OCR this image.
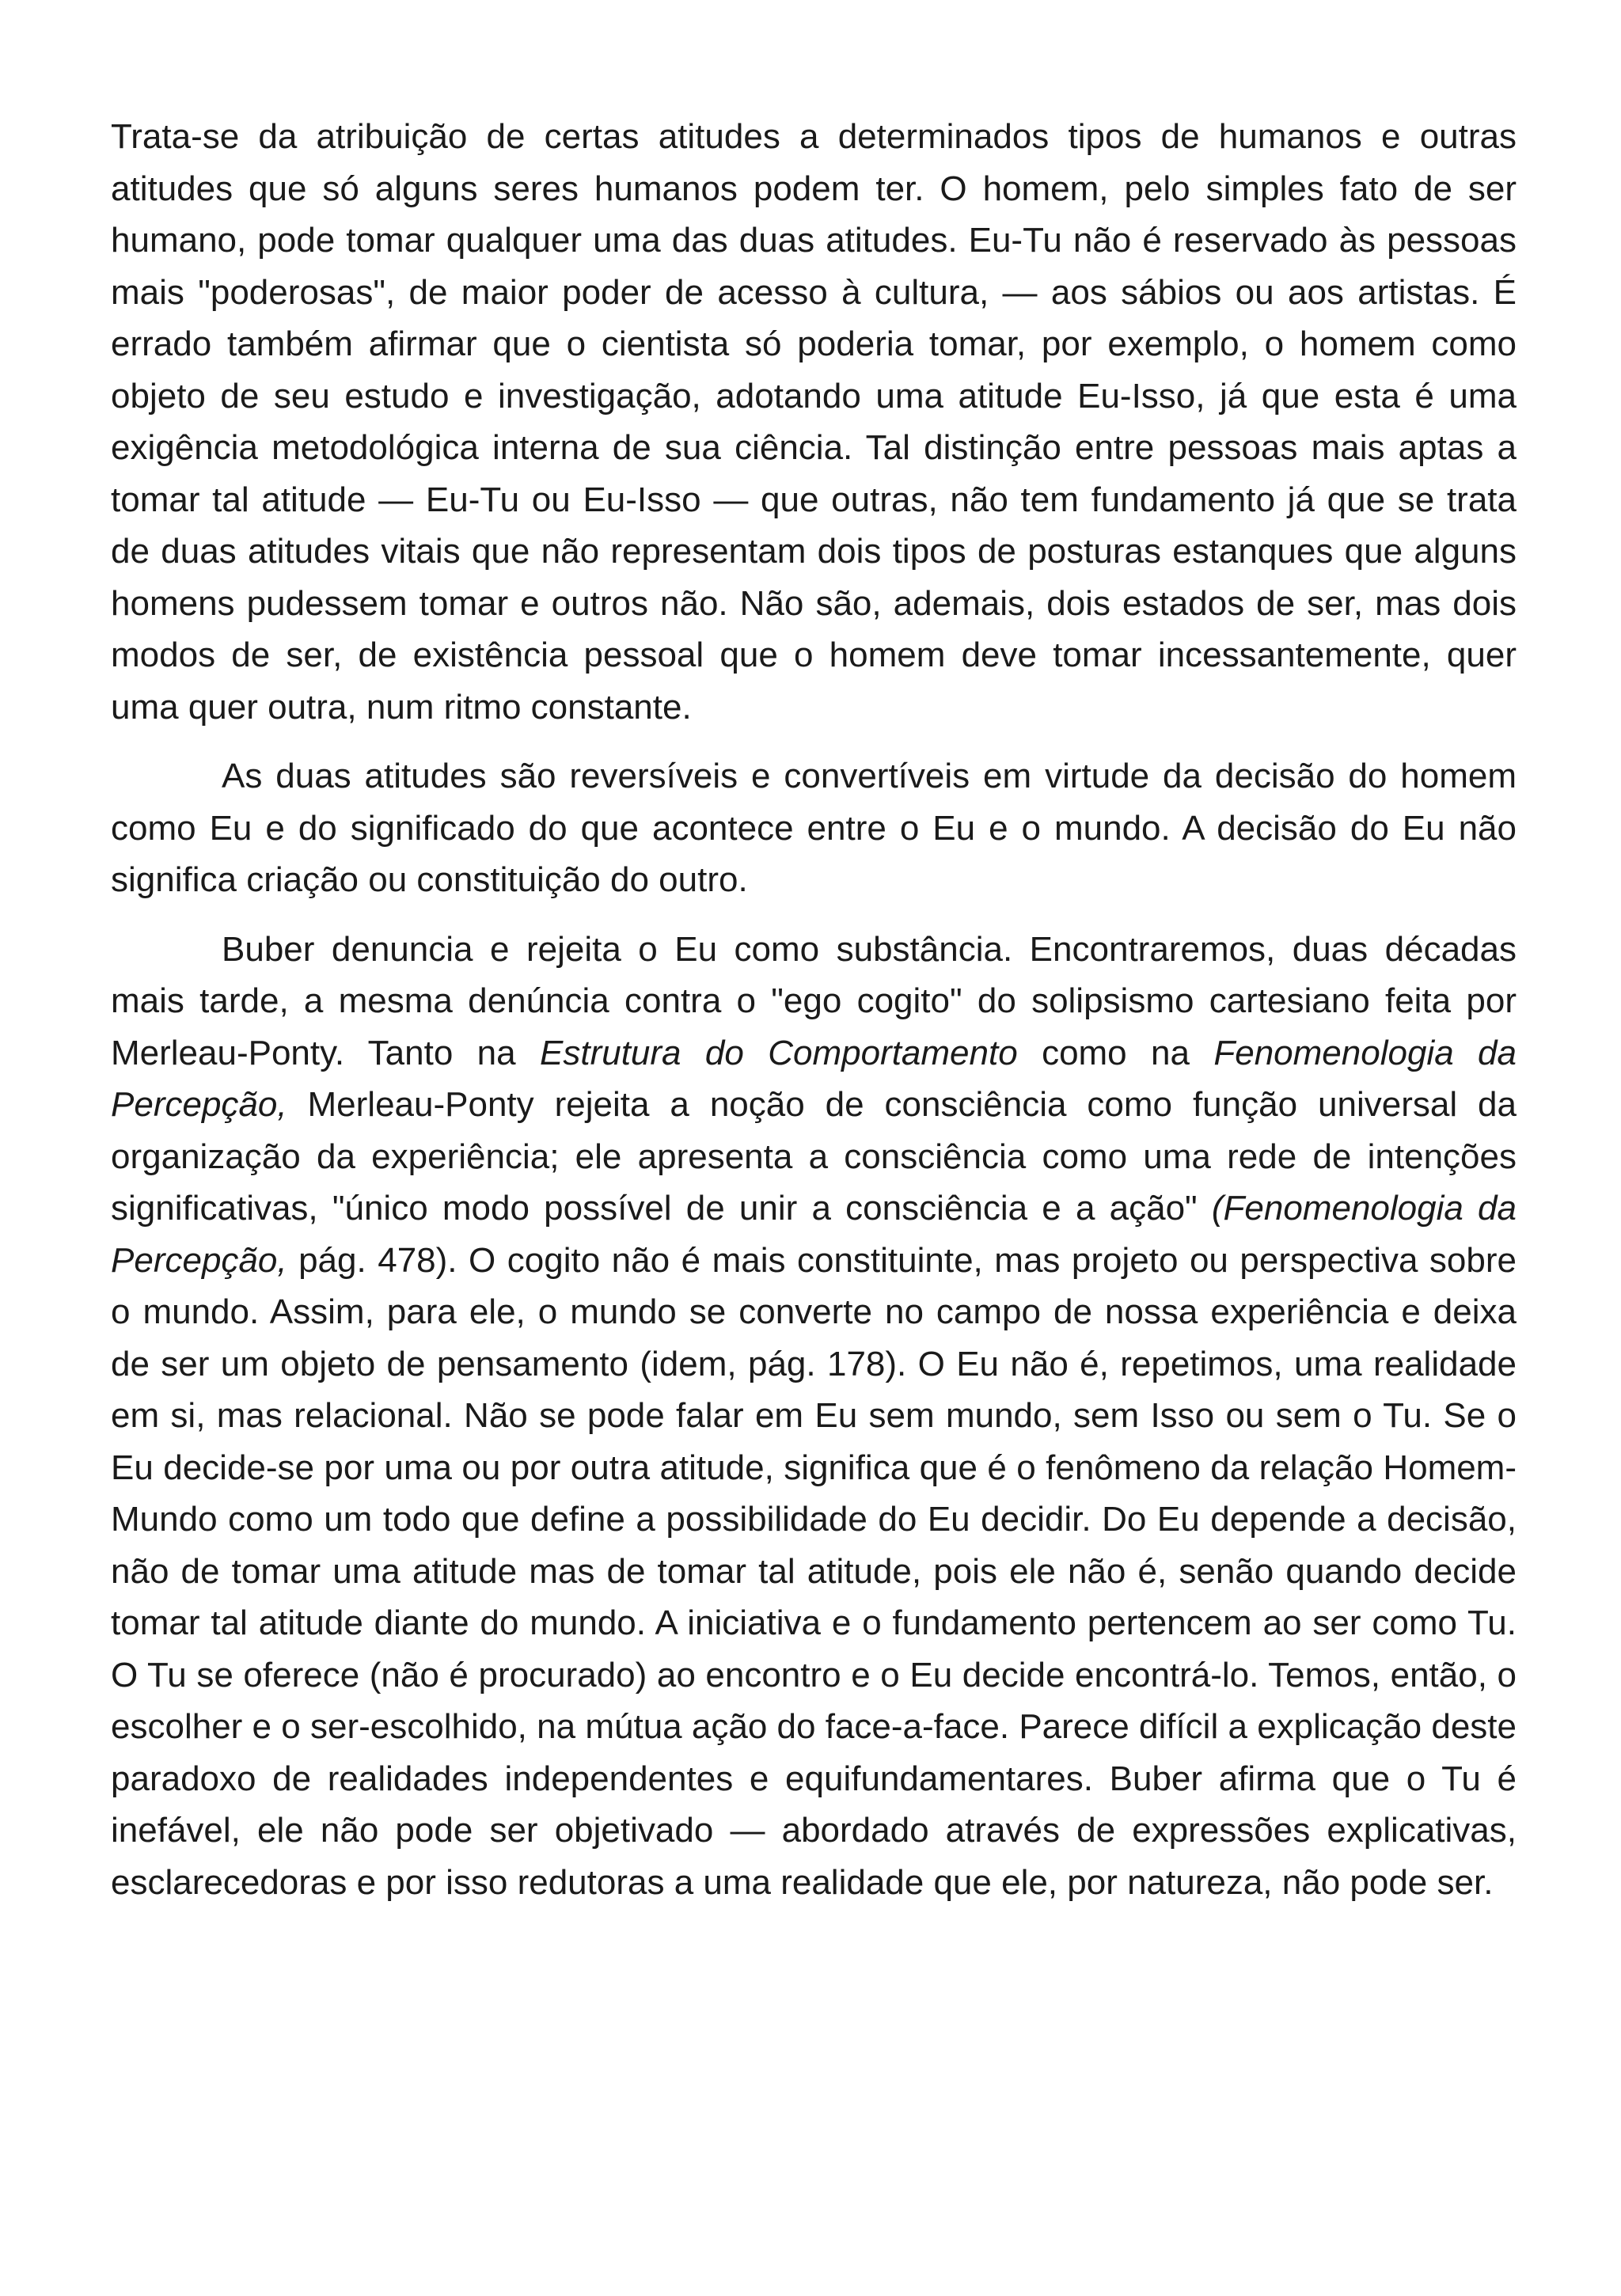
Trata-se da atribuição de certas atitudes a determinados tipos de humanos e outras atitudes que só alguns seres humanos podem ter. O homem, pelo simples fato de ser humano, pode tomar qualquer uma das duas atitudes. Eu-Tu não é reservado às pessoas mais "poderosas", de maior poder de acesso à cultura, — aos sábios ou aos artistas. É errado também afirmar que o cientista só poderia tomar, por exemplo, o homem como objeto de seu estudo e investigação, adotando uma atitude Eu-Isso, já que esta é uma exigência metodológica interna de sua ciência. Tal distinção entre pessoas mais aptas a tomar tal atitude — Eu-Tu ou Eu-Isso — que outras, não tem fundamento já que se trata de duas atitudes vitais que não representam dois tipos de posturas estanques que alguns homens pudessem tomar e outros não. Não são, ademais, dois estados de ser, mas dois modos de ser, de existência pessoal que o homem deve tomar incessantemente, quer uma quer outra, num ritmo constante.

As duas atitudes são reversíveis e convertíveis em virtude da decisão do homem como Eu e do significado do que acontece entre o Eu e o mundo. A decisão do Eu não significa criação ou constituição do outro.

Buber denuncia e rejeita o Eu como substância. Encontraremos, duas décadas mais tarde, a mesma denúncia contra o "ego cogito" do solipsismo cartesiano feita por Merleau-Ponty. Tanto na Estrutura do Comportamento como na Fenomenologia da Percepção, Merleau-Ponty rejeita a noção de consciência como função universal da organização da experiência; ele apresenta a consciência como uma rede de intenções significativas, "único modo possível de unir a consciência e a ação" (Fenomenologia da Percepção, pág. 478). O cogito não é mais constituinte, mas projeto ou perspectiva sobre o mundo. Assim, para ele, o mundo se converte no campo de nossa experiência e deixa de ser um objeto de pensamento (idem, pág. 178). O Eu não é, repetimos, uma realidade em si, mas relacional. Não se pode falar em Eu sem mundo, sem Isso ou sem o Tu. Se o Eu decide-se por uma ou por outra atitude, significa que é o fenômeno da relação Homem-Mundo como um todo que define a possibilidade do Eu decidir. Do Eu depende a decisão, não de tomar uma atitude mas de tomar tal atitude, pois ele não é, senão quando decide tomar tal atitude diante do mundo. A iniciativa e o fundamento pertencem ao ser como Tu. O Tu se oferece (não é procurado) ao encontro e o Eu decide encontrá-lo. Temos, então, o escolher e o ser-escolhido, na mútua ação do face-a-face. Parece difícil a explicação deste paradoxo de realidades independentes e equifundamentares. Buber afirma que o Tu é inefável, ele não pode ser objetivado — abordado através de expressões explicativas, esclarecedoras e por isso redutoras a uma realidade que ele, por natureza, não pode ser.
